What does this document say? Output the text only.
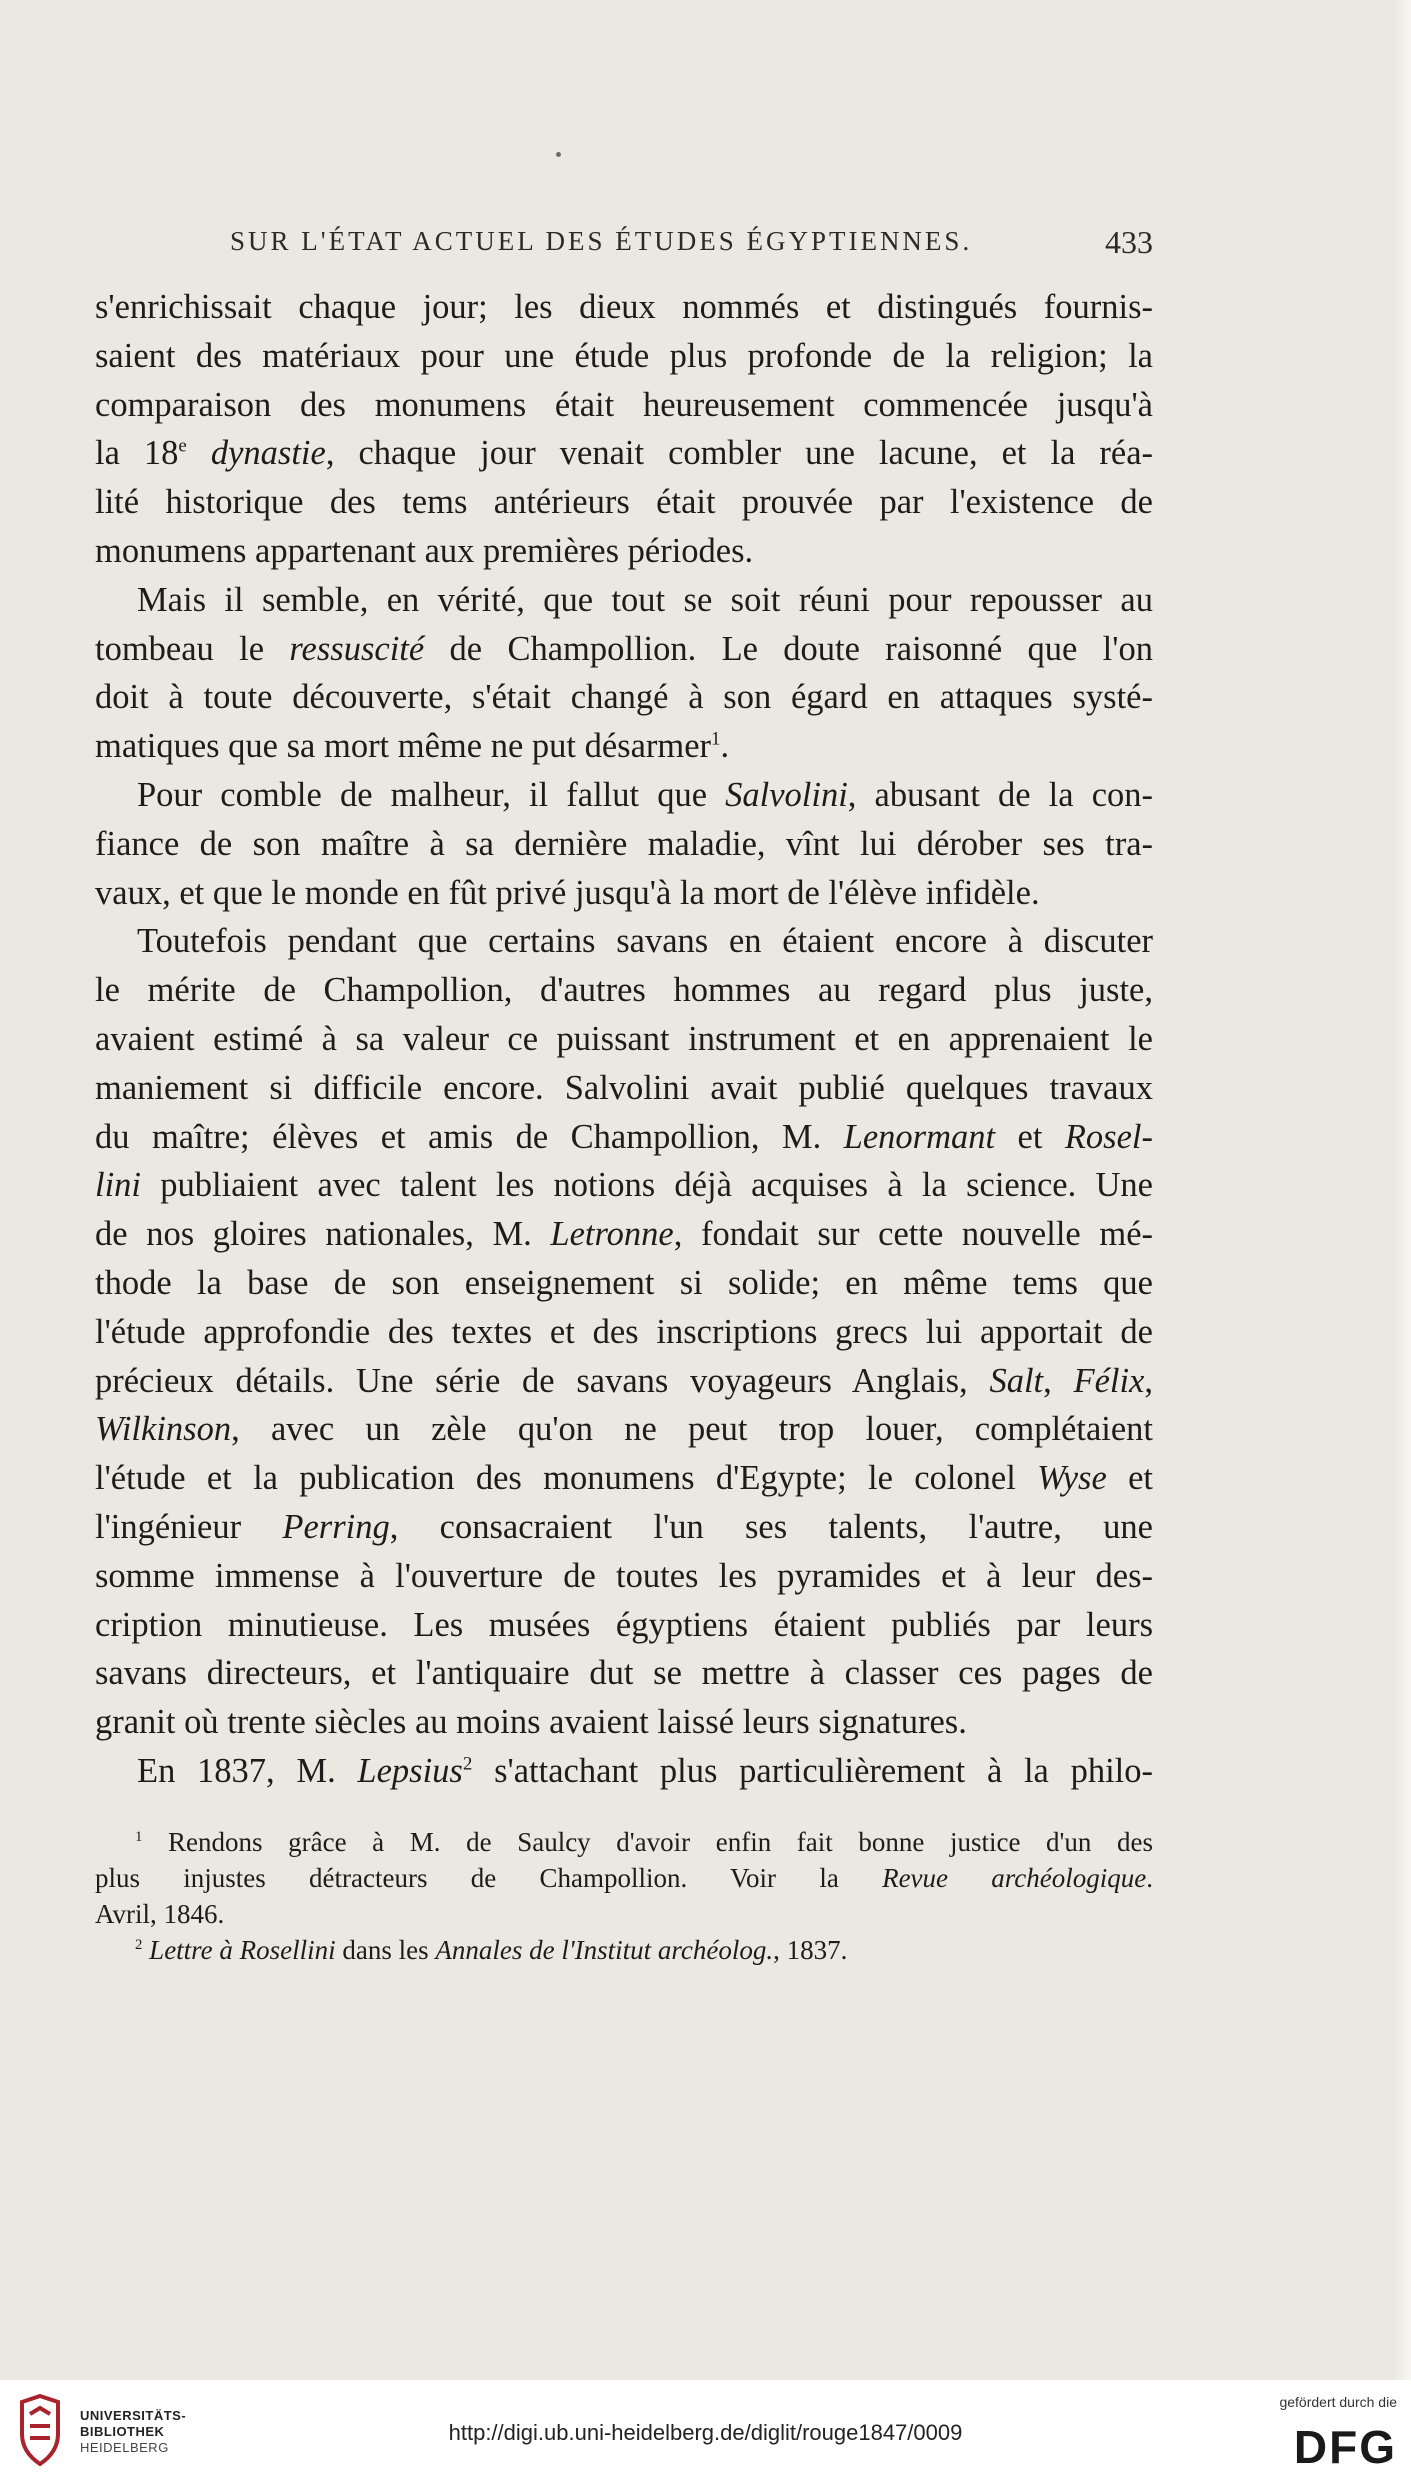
SUR L'ÉTAT ACTUEL DES ÉTUDES ÉGYPTIENNES.	433
s'enrichissait chaque jour; les dieux nommés et distingués fournis-
saient des matériaux pour une étude plus profonde de la religion; la
comparaison des monumens était heureusement commencée jusqu'à
la 18e dynastie, chaque jour venait combler une lacune, et la réa-
lité historique des tems antérieurs était prouvée par l'existence de
monumens appartenant aux premières périodes.
Mais il semble, en vérité, que tout se soit réuni pour repousser au
tombeau le ressuscité de Champollion. Le doute raisonné que l'on
doit à toute découverte, s'était changé à son égard en attaques systé-
matiques que sa mort même ne put désarmer$^1$.
Pour comble de malheur, il fallut que Salvolini, abusant de la con-
fiance de son maître à sa dernière maladie, vînt lui dérober ses tra-
vaux, et que le monde en fût privé jusqu'à la mort de l'élève infidèle.
Toutefois pendant que certains savans en étaient encore à discuter
le mérite de Champollion, d'autres hommes au regard plus juste,
avaient estimé à sa valeur ce puissant instrument et en apprenaient le
maniement si difficile encore. Salvolini avait publié quelques travaux
du maître; élèves et amis de Champollion, M. Lenormant et Rosel-
lini publiaient avec talent les notions déjà acquises à la science. Une
de nos gloires nationales, M. Letronne, fondait sur cette nouvelle mé-
thode la base de son enseignement si solide; en même tems que
l'étude approfondie des textes et des inscriptions grecs lui apportait de
précieux détails. Une série de savans voyageurs Anglais, Salt, Félix,
Wilkinson, avec un zèle qu'on ne peut trop louer, complétaient
l'étude et la publication des monumens d'Egypte; le colonel Wyse et
l'ingénieur Perring, consacraient l'un ses talents, l'autre, une
somme immense à l'ouverture de toutes les pyramides et à leur des-
cription minutieuse. Les musées égyptiens étaient publiés par leurs
savans directeurs, et l'antiquaire dut se mettre à classer ces pages de
granit où trente siècles au moins avaient laissé leurs signatures.
En 1837, M. Lepsius$^2$ s'attachant plus particulièrement à la philo-
$^1$ Rendons grâce à M. de Saulcy d'avoir enfin fait bonne justice d'un des
plus injustes détracteurs de Champollion. Voir la Revue archéologique.
Avril, 1846.
$^2$ Lettre à Rosellini dans les Annales de l'Institut archéolog., 1837.
UNIVERSITÄTS-
BIBLIOTHEK
HEIDELBERG
http://digi.ub.uni-heidelberg.de/diglit/rouge1847/0009
gefördert durch die
DFG
